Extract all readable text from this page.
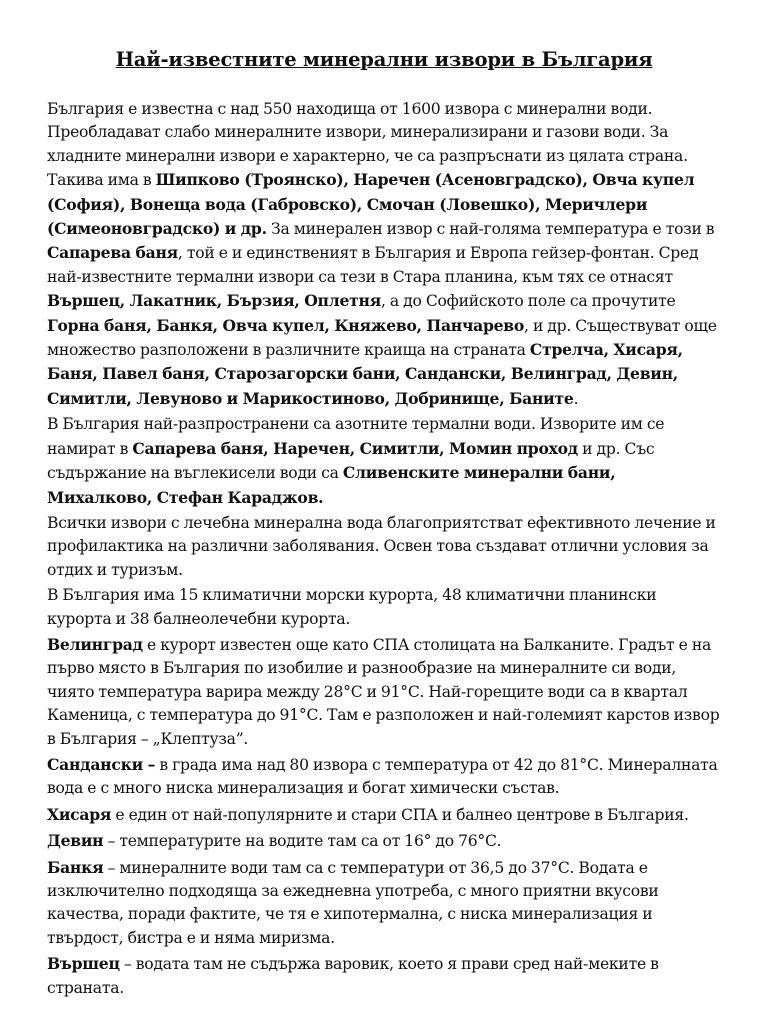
Най-известните минерални извори в България

България е известна с над 550 находища от 1600 извора с минерални води. Преобладават слабо минералните извори, минерализирани и газови води. За хладните минерални извори е характерно, че са разпръснати из цялата страна. Такива има в Шипково (Троянско), Наречен (Асеновградско), Овча купел (София), Вонеща вода (Габровско), Смочан (Ловешко), Меричлери (Симеоновградско) и др. За минерален извор с най-голяма температура е този в Сапарева баня, той е и единственият в България и Европа гейзер-фонтан. Сред най-известните термални извори са тези в Стара планина, към тях се отнасят Вършец, Лакатник, Бързия, Оплетня, а до Софийското поле са прочутите Горна баня, Банкя, Овча купел, Княжево, Панчарево, и др. Съществуват още множество разположени в различните краища на страната Стрелча, Хисаря, Баня, Павел баня, Старозагорски бани, Сандански, Велинград, Девин, Симитли, Левуново и Марикостиново, Добринище, Баните.

В България най-разпространени са азотните термални води. Изворите им се намират в Сапарева баня, Наречен, Симитли, Момин проход и др. Със съдържание на въглекисели води са Сливенските минерални бани, Михалково, Стефан Караджов.

Всички извори с лечебна минерална вода благоприятстват ефективното лечение и профилактика на различни заболявания. Освен това създават отлични условия за отдих и туризъм.

В България има 15 климатични морски курорта, 48 климатични планински курорта и 38 балнеолечебни курорта.

Велинград е курорт известен още като СПА столицата на Балканите. Градът е на първо място в България по изобилие и разнообразие на минералните си води, чиято температура варира между 28°С и 91°С. Най-горещите води са в квартал Каменица, с температура до 91°С. Там е разположен и най-големият карстов извор в България – „Клептуза”.

Сандански – в града има над 80 извора с температура от 42 до 81°С. Минералната вода е с много ниска минерализация и богат химически състав.

Хисаря е един от най-популярните и стари СПА и балнео центрове в България.

Девин – температурите на водите там са от 16° до 76°С.

Банкя – минералните води там са с температури от 36,5 до 37°С. Водата е изключително подходяща за ежедневна употреба, с много приятни вкусови качества, поради фактите, че тя е хипотермална, с ниска минерализация и твърдост, бистра е и няма миризма.

Вършец – водата там не съдържа варовик, което я прави сред най-меките в страната.
